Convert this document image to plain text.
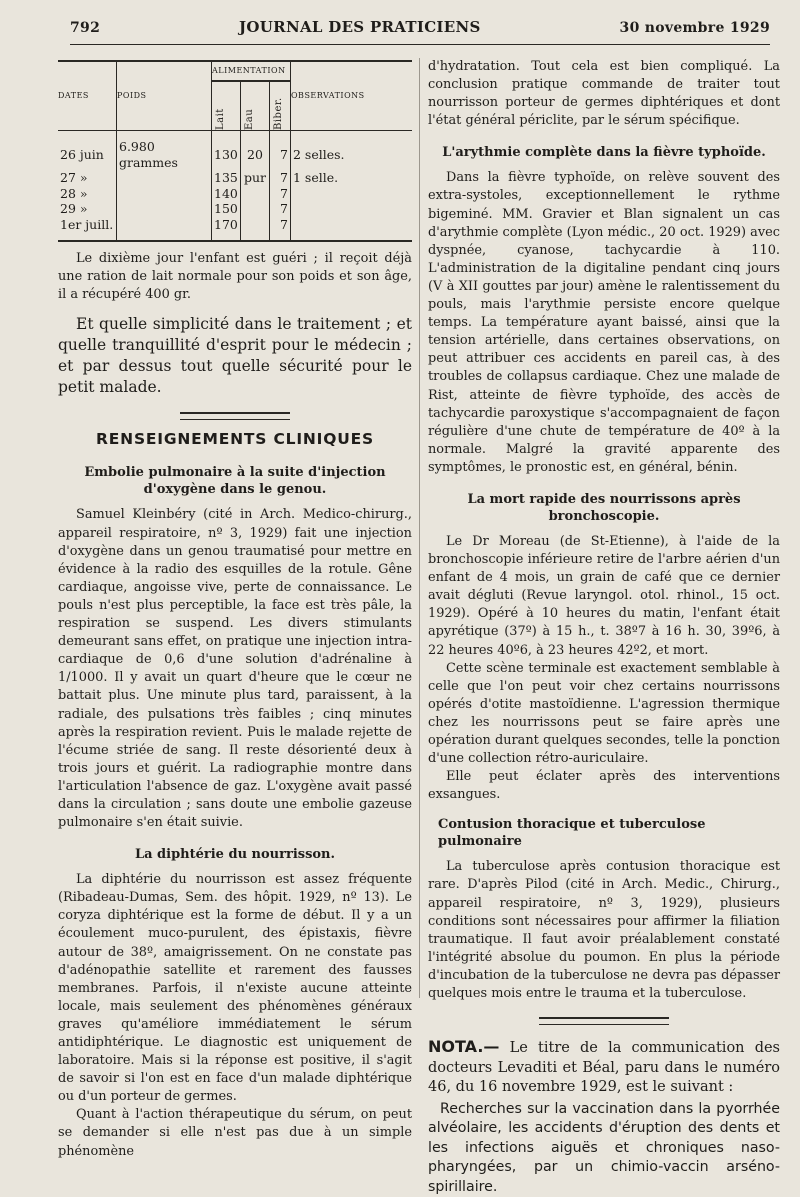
792	JOURNAL DES PRATICIENS	30 novembre 1929
DATES	POIDS	ALIMENTATION			OBSERVATIONS

		Lait	Eau	Biber.	

26 juin	6.980 grammes	130	20	7	2 selles.
27 »		135	pur	7	1 selle.
28 »		140		7	
29 »		150		7	
1er juill.		170		7	

Le dixième jour l'enfant est guéri ; il reçoit déjà une ration de lait normale pour son poids et son âge, il a récupéré 400 gr.

Et quelle simplicité dans le traitement ; et quelle tranquillité d'esprit pour le médecin ; et par dessus tout quelle sécurité pour le petit malade.

RENSEIGNEMENTS CLINIQUES
Embolie pulmonaire à la suite d'injection d'oxygène dans le genou.

Samuel Kleinbéry (cité in Arch. Medico-chirurg., appareil respiratoire, nº 3, 1929) fait une injection d'oxygène dans un genou traumatisé pour mettre en évidence à la radio des esquilles de la rotule. Gêne cardiaque, angoisse vive, perte de connaissance. Le pouls n'est plus perceptible, la face est très pâle, la respiration se suspend. Les divers stimulants demeurant sans effet, on pratique une injection intra-cardiaque de 0,6 d'une solution d'adrénaline à 1/1000. Il y avait un quart d'heure que le cœur ne battait plus. Une minute plus tard, paraissent, à la radiale, des pulsations très faibles ; cinq minutes après la respiration revient. Puis le malade rejette de l'écume striée de sang. Il reste désorienté deux à trois jours et guérit. La radiographie montre dans l'articulation l'absence de gaz. L'oxygène avait passé dans la circulation ; sans doute une embolie gazeuse pulmonaire s'en était suivie.

La diphtérie du nourrisson.

La diphtérie du nourrisson est assez fréquente (Ribadeau-Dumas, Sem. des hôpit. 1929, nº 13). Le coryza diphtérique est la forme de début. Il y a un écoulement muco-purulent, des épistaxis, fièvre autour de 38º, amaigrissement. On ne constate pas d'adénopathie satellite et rarement des fausses membranes. Parfois, il n'existe aucune atteinte locale, mais seulement des phénomènes généraux graves qu'améliore immédiatement le sérum antidiphtérique. Le diagnostic est uniquement de laboratoire. Mais si la réponse est positive, il s'agit de savoir si l'on est en face d'un malade diphtérique ou d'un porteur de germes.

Quant à l'action thérapeutique du sérum, on peut se demander si elle n'est pas due à un simple phénomène

d'hydratation. Tout cela est bien compliqué. La conclusion pratique commande de traiter tout nourrisson porteur de germes diphtériques et dont l'état général périclite, par le sérum spécifique.

L'arythmie complète dans la fièvre typhoïde.

Dans la fièvre typhoïde, on relève souvent des extra-systoles, exceptionnellement le rythme bigeminé. MM. Gravier et Blan signalent un cas d'arythmie complète (Lyon médic., 20 oct. 1929) avec dyspnée, cyanose, tachycardie à 110. L'administration de la digitaline pendant cinq jours (V à XII gouttes par jour) amène le ralentissement du pouls, mais l'arythmie persiste encore quelque temps. La température ayant baissé, ainsi que la tension artérielle, dans certaines observations, on peut attribuer ces accidents en pareil cas, à des troubles de collapsus cardiaque. Chez une malade de Rist, atteinte de fièvre typhoïde, des accès de tachycardie paroxystique s'accompagnaient de façon régulière d'une chute de température de 40º à la normale. Malgré la gravité apparente des symptômes, le pronostic est, en général, bénin.

La mort rapide des nourrissons après bronchoscopie.

Le Dr Moreau (de St-Etienne), à l'aide de la bronchoscopie inférieure retire de l'arbre aérien d'un enfant de 4 mois, un grain de café que ce dernier avait dégluti (Revue laryngol. otol. rhinol., 15 oct. 1929). Opéré à 10 heures du matin, l'enfant était apyrétique (37º) à 15 h., t. 38º7 à 16 h. 30, 39º6, à 22 heures 40º6, à 23 heures 42º2, et mort.

Cette scène terminale est exactement semblable à celle que l'on peut voir chez certains nourrissons opérés d'otite mastoïdienne. L'agression thermique chez les nourrissons peut se faire après une opération durant quelques secondes, telle la ponction d'une collection rétro-auriculaire.

Elle peut éclater après des interventions exsangues.

Contusion thoracique et tuberculose pulmonaire

La tuberculose après contusion thoracique est rare. D'après Pilod (cité in Arch. Medic., Chirurg., appareil respiratoire, nº 3, 1929), plusieurs conditions sont nécessaires pour affirmer la filiation traumatique. Il faut avoir préalablement constaté l'intégrité absolue du poumon. En plus la période d'incubation de la tuberculose ne devra pas dépasser quelques mois entre le trauma et la tuberculose.

NOTA.— Le titre de la communication des docteurs Levaditi et Béal, paru dans le numéro 46, du 16 novembre 1929, est le suivant :
Recherches sur la vaccination dans la pyorrhée alvéolaire, les accidents d'éruption des dents et les infections aiguës et chroniques naso-pharyngées, par un chimio-vaccin arséno-spirillaire.
